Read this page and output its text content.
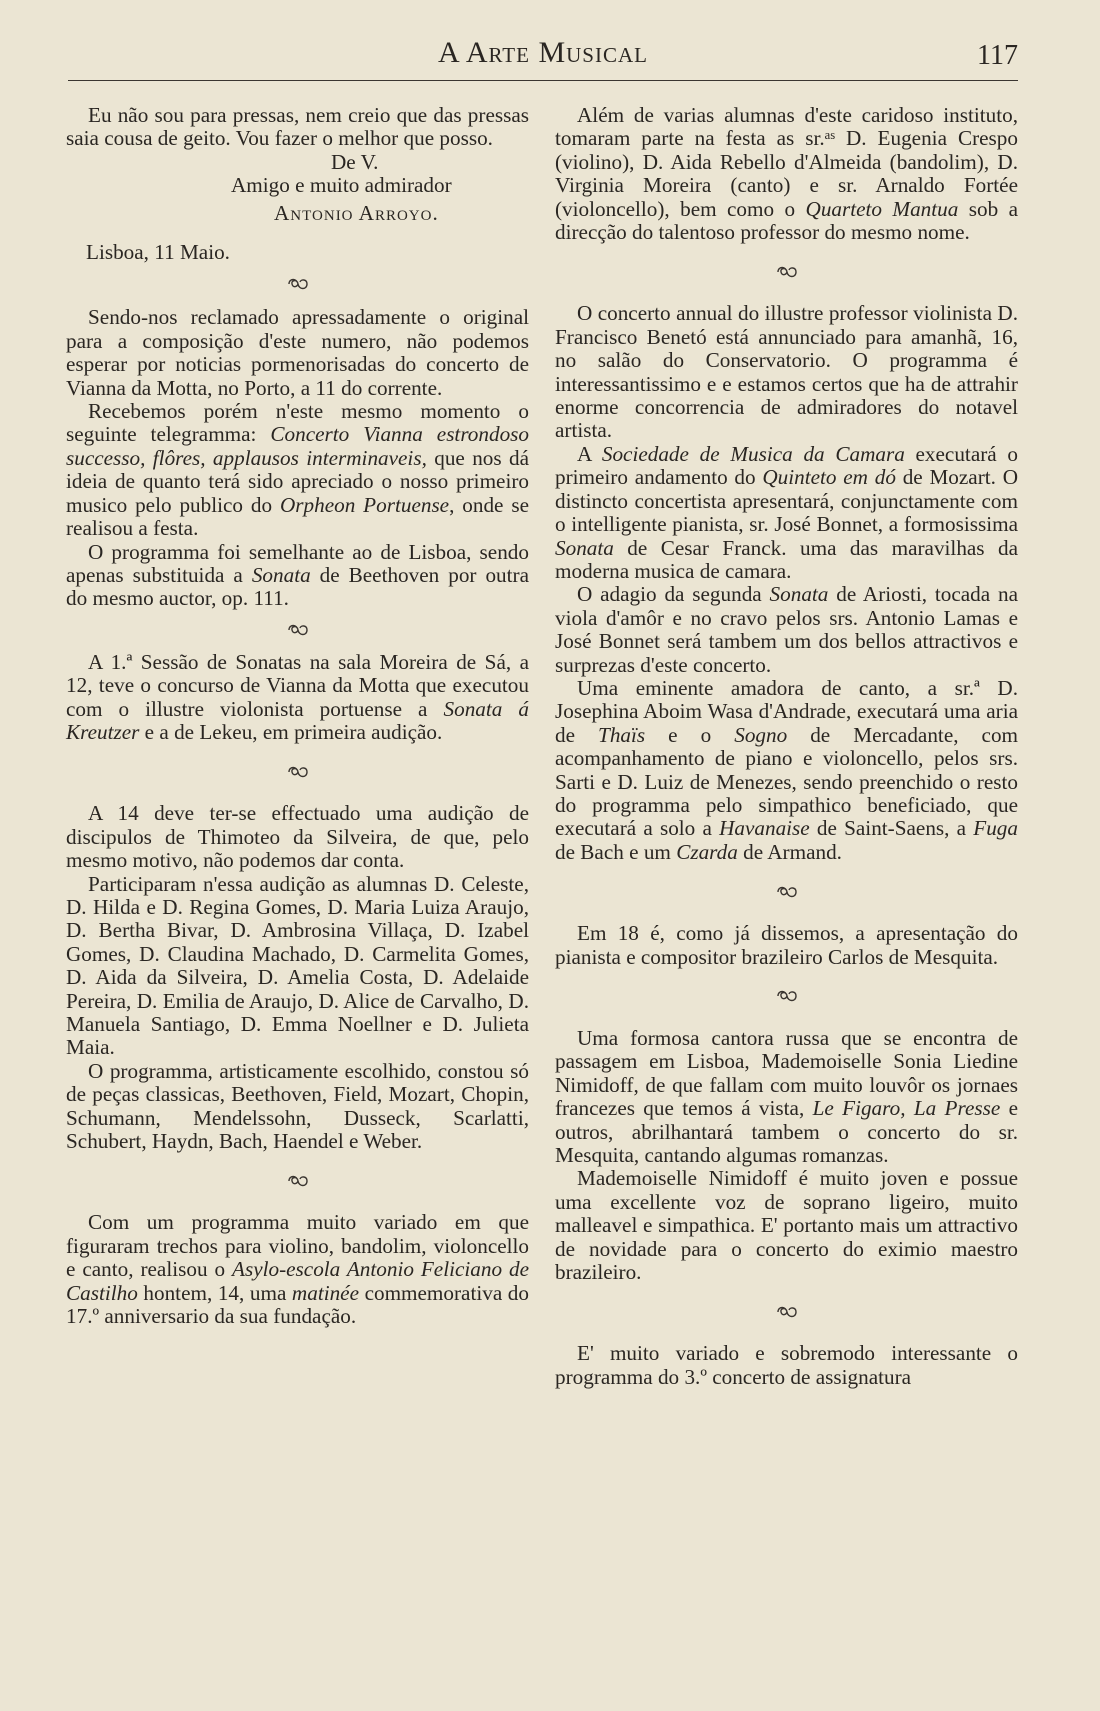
A Arte Musical	117

Eu não sou para pressas, nem creio que das pressas saia cousa de geito. Vou fazer o melhor que posso.

De V.

Amigo e muito admirador

Antonio Arroyo.

Lisboa, 11 Maio.

Sendo-nos reclamado apressadamente o original para a composição d'este numero, não podemos esperar por noticias pormenorisadas do concerto de Vianna da Motta, no Porto, a 11 do corrente.

Recebemos porém n'este mesmo momento o seguinte telegramma: Concerto Vianna estrondoso successo, flôres, applausos interminaveis, que nos dá ideia de quanto terá sido apreciado o nosso primeiro musico pelo publico do Orpheon Portuense, onde se realisou a festa.

O programma foi semelhante ao de Lisboa, sendo apenas substituida a Sonata de Beethoven por outra do mesmo auctor, op. 111.

A 1.ª Sessão de Sonatas na sala Moreira de Sá, a 12, teve o concurso de Vianna da Motta que executou com o illustre violonista portuense a Sonata á Kreutzer e a de Lekeu, em primeira audição.

A 14 deve ter-se effectuado uma audição de discipulos de Thimoteo da Silveira, de que, pelo mesmo motivo, não podemos dar conta.

Participaram n'essa audição as alumnas D. Celeste, D. Hilda e D. Regina Gomes, D. Maria Luiza Araujo, D. Bertha Bivar, D. Ambrosina Villaça, D. Izabel Gomes, D. Claudina Machado, D. Carmelita Gomes, D. Aida da Silveira, D. Amelia Costa, D. Adelaide Pereira, D. Emilia de Araujo, D. Alice de Carvalho, D. Manuela Santiago, D. Emma Noellner e D. Julieta Maia.

O programma, artisticamente escolhido, constou só de peças classicas, Beethoven, Field, Mozart, Chopin, Schumann, Mendelssohn, Dusseck, Scarlatti, Schubert, Haydn, Bach, Haendel e Weber.

Com um programma muito variado em que figuraram trechos para violino, bandolim, violoncello e canto, realisou o Asylo-escola Antonio Feliciano de Castilho hontem, 14, uma matinée commemorativa do 17.º anniversario da sua fundação.

Além de varias alumnas d'este caridoso instituto, tomaram parte na festa as sr.ᵃˢ D. Eugenia Crespo (violino), D. Aida Rebello d'Almeida (bandolim), D. Virginia Moreira (canto) e sr. Arnaldo Fortée (violoncello), bem como o Quarteto Mantua sob a direcção do talentoso professor do mesmo nome.

O concerto annual do illustre professor violinista D. Francisco Benetó está annunciado para amanhã, 16, no salão do Conservatorio. O programma é interessantissimo e e estamos certos que ha de attrahir enorme concorrencia de admiradores do notavel artista.

A Sociedade de Musica da Camara executará o primeiro andamento do Quinteto em dó de Mozart. O distincto concertista apresentará, conjunctamente com o intelligente pianista, sr. José Bonnet, a formosissima Sonata de Cesar Franck. uma das maravilhas da moderna musica de camara.

O adagio da segunda Sonata de Ariosti, tocada na viola d'amôr e no cravo pelos srs. Antonio Lamas e José Bonnet será tambem um dos bellos attractivos e surprezas d'este concerto.

Uma eminente amadora de canto, a sr.ª D. Josephina Aboim Wasa d'Andrade, executará uma aria de Thaïs e o Sogno de Mercadante, com acompanhamento de piano e violoncello, pelos srs. Sarti e D. Luiz de Menezes, sendo preenchido o resto do programma pelo simpathico beneficiado, que executará a solo a Havanaise de Saint-Saens, a Fuga de Bach e um Czarda de Armand.

Em 18 é, como já dissemos, a apresentação do pianista e compositor brazileiro Carlos de Mesquita.

Uma formosa cantora russa que se encontra de passagem em Lisboa, Mademoiselle Sonia Liedine Nimidoff, de que fallam com muito louvôr os jornaes francezes que temos á vista, Le Figaro, La Presse e outros, abrilhantará tambem o concerto do sr. Mesquita, cantando algumas romanzas.

Mademoiselle Nimidoff é muito joven e possue uma excellente voz de soprano ligeiro, muito malleavel e simpathica. E' portanto mais um attractivo de novidade para o concerto do eximio maestro brazileiro.

E' muito variado e sobremodo interessante o programma do 3.º concerto de assignatura
